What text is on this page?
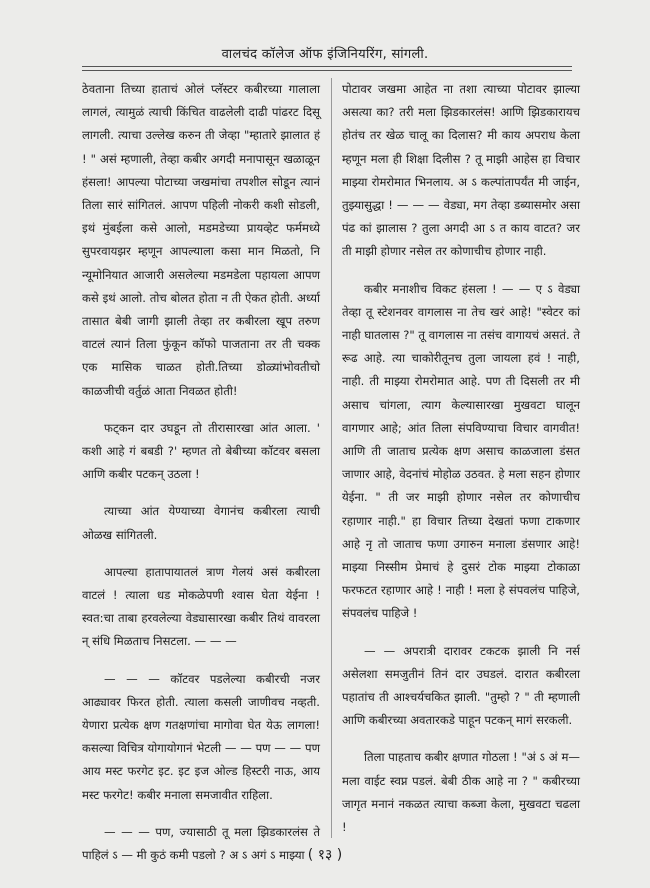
वालचंद कॉलेज ऑफ इंजिनियरिंग, सांगली.

ठेवताना तिच्या हाताचं ओलं प्लॅस्टर कबीरच्या गालाला लागलं, त्यामुळं त्याची किंचित वाढलेली दाढी पांढरट दिसू लागली. त्याचा उल्लेख करुन ती जेव्हा "म्हातारे झालात हं ! " असं म्हणाली, तेव्हा कबीर अगदी मनापासून खळाळून हंसला! आपल्या पोटाच्या जखमांचा तपशील सोडून त्यानं तिला सारं सांगितलं. आपण पहिली नोकरी कशी सोडली, इथं मुंबईला कसे आलो, मडमडेच्या प्रायव्हेट फर्ममध्ये सुपरवायझर म्हणून आपल्याला कसा मान मिळतो, नि न्यूमोनियात आजारी असलेल्या मडमडेला पहायला आपण कसे इथं आलो. तोच बोलत होता न ती ऐकत होती. अर्ध्या तासात बेबी जागी झाली तेव्हा तर कबीरला खूप तरुण वाटलं त्यानं तिला फुंकून कॉफो पाजताना तर ती चक्क एक मासिक चाळत होती.तिच्या डोळ्यांभोवतीचो काळजीची वर्तुळं आता निवळत होती!

फट्कन दार उघडून तो तीरासारखा आंत आला. ' कशी आहे गं बबडी ?' म्हणत तो बेबीच्या कॉटवर बसला आणि कबीर पटकन् उठला !

त्याच्या आंत येण्याच्या वेगानंच कबीरला त्याची ओळख सांगितली.

आपल्या हातापायातलं त्राण गेलयं असं कबीरला वाटलं ! त्याला धड मोकळेपणी श्वास घेता येईना ! स्वत:चा ताबा हरवलेल्या वेड्यासारखा कबीर तिथं वावरला न् संधि मिळताच निसटला. — — —

— — — कॉटवर पडलेल्या कबीरची नजर आढ्यावर फिरत होती. त्याला कसली जाणीवच नव्हती. येणारा प्रत्येक क्षण गतक्षणांचा मागोवा घेत येऊ लागला! कसल्या विचित्र योगायोगानं भेटली — — पण — — पण आय मस्ट फरगेट इट. इट इज ओल्ड हिस्टरी नाऊ, आय मस्ट फरगेट! कबीर मनाला समजावीत राहिला.

— — — पण, ज्यासाठी तू मला झिडकारलंस ते पाहिलं ऽ — मी कुठं कमी पडलो ? अ ऽ अगं ऽ माझ्या

पोटावर जखमा आहेत ना तशा त्याच्या पोटावर झाल्या असत्या का? तरी मला झिडकारलंस! आणि झिडकारायच होतंच तर खेळ चालू का दिलास? मी काय अपराध केला म्हणून मला ही शिक्षा दिलीस ? तू माझी आहेस हा विचार माझ्या रोमरोमात भिनलाय. अ ऽ कल्पांतापर्यंत मी जाईन, तुझ्यासुद्धा ! — — — वेड्या, मग तेव्हा डब्यासमोर असा पंढ कां झालास ? तुला अगदी आ ऽ त काय वाटत? जर ती माझी होणार नसेल तर कोणाचीच होणार नाही.

कबीर मनाशीच विकट हंसला ! — — ए ऽ वेड्या तेव्हा तू स्टेशनवर वागलास ना तेच खरं आहे! "स्वेटर कां नाही घातलास ?" तू वागलास ना तसंच वागायचं असतं. ते रूढ आहे. त्या चाकोरीतूनच तुला जायला हवं ! नाही, नाही. ती माझ्या रोमरोमात आहे. पण ती दिसली तर मी असाच चांगला, त्याग केल्यासारखा मुखवटा घालून वागणार आहे; आंत तिला संपविण्याचा विचार वागवीत! आणि ती जाताच प्रत्येक क्षण असाच काळजाला डंसत जाणार आहे, वेदनांचं मोहोळ उठवत. हे मला सहन होणार येईना. " ती जर माझी होणार नसेल तर कोणाचीच रहाणार नाही." हा विचार तिच्या देखतां फणा टाकणार आहे नृ तो जाताच फणा उगारुन मनाला डंसणार आहे! माझ्या निस्सीम प्रेमाचं हे दुसरं टोक माझ्या टोकाळा फरफटत रहाणार आहे ! नाही ! मला हे संपवलंच पाहिजे, संपवलंच पाहिजे !

— — अपरात्री दारावर टकटक झाली नि नर्स असेलशा समजुतीनं तिनं दार उघडलं. दारात कबीरला पहातांच ती आश्चर्यचकित झाली. "तुम्हो ? " ती म्हणाली आणि कबीरच्या अवतारकडे पाहून पटकन् मागं सरकली.

तिला पाहताच कबीर क्षणात गोठला ! "अं ऽ अं म—मला वाईट स्वप्न पडलं. बेबी ठीक आहे ना ? " कबीरच्या जागृत मनानं नकळत त्याचा कब्जा केला, मुखवटा चढला !

( १३ )
